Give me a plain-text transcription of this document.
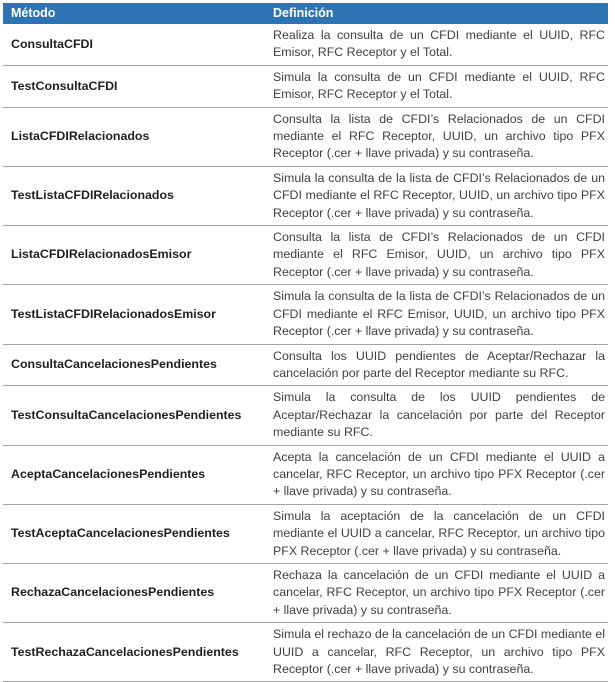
Método	Definición
ConsultaCFDI	Realiza la consulta de un CFDI mediante el UUID, RFC Emisor, RFC Receptor y el Total.
TestConsultaCFDI	Simula la consulta de un CFDI mediante el UUID, RFC Emisor, RFC Receptor y el Total.
ListaCFDIRelacionados	Consulta la lista de CFDI’s Relacionados de un CFDI mediante el RFC Receptor, UUID, un archivo tipo PFX Receptor (.cer + llave privada) y su contraseña.
TestListaCFDIRelacionados	Simula la consulta de la lista de CFDI’s Relacionados de un CFDI mediante el RFC Receptor, UUID, un archivo tipo PFX Receptor (.cer + llave privada) y su contraseña.
ListaCFDIRelacionadosEmisor	Consulta la lista de CFDI’s Relacionados de un CFDI mediante el RFC Emisor, UUID, un archivo tipo PFX Receptor (.cer + llave privada) y su contraseña.
TestListaCFDIRelacionadosEmisor	Simula la consulta de la lista de CFDI’s Relacionados de un CFDI mediante el RFC Emisor, UUID, un archivo tipo PFX Receptor (.cer + llave privada) y su contraseña.
ConsultaCancelacionesPendientes	Consulta los UUID pendientes de Aceptar/Rechazar la cancelación por parte del Receptor mediante su RFC.
TestConsultaCancelacionesPendientes	Simula la consulta de los UUID pendientes de Aceptar/Rechazar la cancelación por parte del Receptor mediante su RFC.
AceptaCancelacionesPendientes	Acepta la cancelación de un CFDI mediante el UUID a cancelar, RFC Receptor, un archivo tipo PFX Receptor (.cer + llave privada) y su contraseña.
TestAceptaCancelacionesPendientes	Simula la aceptación de la cancelación de un CFDI mediante el UUID a cancelar, RFC Receptor, un archivo tipo PFX Receptor (.cer + llave privada) y su contraseña.
RechazaCancelacionesPendientes	Rechaza la cancelación de un CFDI mediante el UUID a cancelar, RFC Receptor, un archivo tipo PFX Receptor (.cer + llave privada) y su contraseña.
TestRechazaCancelacionesPendientes	Simula el rechazo de la cancelación de un CFDI mediante el UUID a cancelar, RFC Receptor, un archivo tipo PFX Receptor (.cer + llave privada) y su contraseña.
